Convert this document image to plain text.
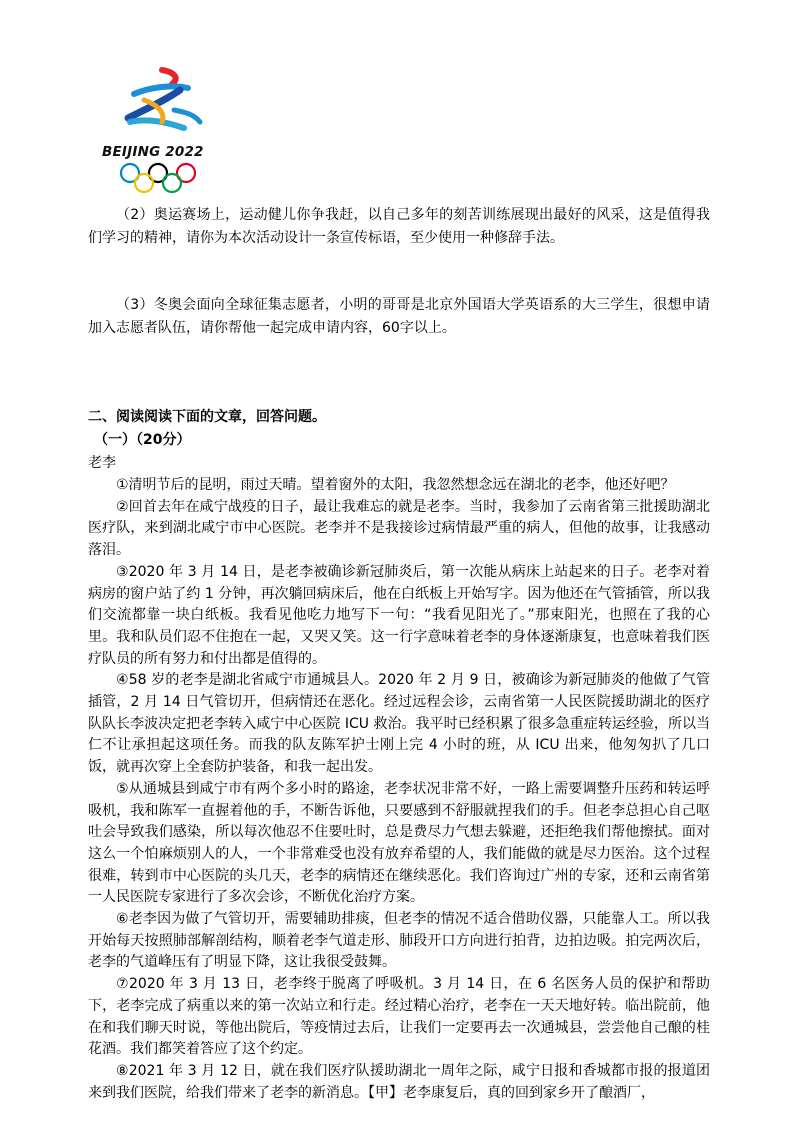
BEIJING 2022

（2）奥运赛场上，运动健儿你争我赶，以自己多年的刻苦训练展现出最好的风采，这是值得我们学习的精神，请你为本次活动设计一条宣传标语，至少使用一种修辞手法。

（3）冬奥会面向全球征集志愿者，小明的哥哥是北京外国语大学英语系的大三学生，很想申请加入志愿者队伍，请你帮他一起完成申请内容，60字以上。

二、阅读阅读下面的文章，回答问题。

（一）（20分）

老李

①清明节后的昆明，雨过天晴。望着窗外的太阳，我忽然想念远在湖北的老李，他还好吧？

②回首去年在咸宁战疫的日子，最让我难忘的就是老李。当时，我参加了云南省第三批援助湖北医疗队，来到湖北咸宁市中心医院。老李并不是我接诊过病情最严重的病人，但他的故事，让我感动落泪。

③2020 年 3 月 14 日，是老李被确诊新冠肺炎后，第一次能从病床上站起来的日子。老李对着病房的窗户站了约 1 分钟，再次躺回病床后，他在白纸板上开始写字。因为他还在气管插管，所以我们交流都靠一块白纸板。我看见他吃力地写下一句：“我看见阳光了。”那束阳光，也照在了我的心里。我和队员们忍不住抱在一起，又哭又笑。这一行字意味着老李的身体逐渐康复，也意味着我们医疗队员的所有努力和付出都是值得的。

④58 岁的老李是湖北省咸宁市通城县人。2020 年 2 月 9 日，被确诊为新冠肺炎的他做了气管插管，2 月 14 日气管切开，但病情还在恶化。经过远程会诊，云南省第一人民医院援助湖北的医疗队队长李波决定把老李转入咸宁中心医院 ICU 救治。我平时已经积累了很多急重症转运经验，所以当仁不让承担起这项任务。而我的队友陈军护士刚上完 4 小时的班，从 ICU 出来，他匆匆扒了几口饭，就再次穿上全套防护装备，和我一起出发。

⑤从通城县到咸宁市有两个多小时的路途，老李状况非常不好，一路上需要调整升压药和转运呼吸机，我和陈军一直握着他的手，不断告诉他，只要感到不舒服就捏我们的手。但老李总担心自己呕吐会导致我们感染，所以每次他忍不住要吐时，总是费尽力气想去躲避，还拒绝我们帮他擦拭。面对这么一个怕麻烦别人的人，一个非常难受也没有放弃希望的人，我们能做的就是尽力医治。这个过程很难，转到市中心医院的头几天，老李的病情还在继续恶化。我们咨询过广州的专家，还和云南省第一人民医院专家进行了多次会诊，不断优化治疗方案。

⑥老李因为做了气管切开，需要辅助排痰，但老李的情况不适合借助仪器，只能靠人工。所以我开始每天按照肺部解剖结构，顺着老李气道走形、肺段开口方向进行拍背，边拍边吸。拍完两次后，老李的气道峰压有了明显下降，这让我很受鼓舞。

⑦2020 年 3 月 13 日，老李终于脱离了呼吸机。3 月 14 日，在 6 名医务人员的保护和帮助下，老李完成了病重以来的第一次站立和行走。经过精心治疗，老李在一天天地好转。临出院前，他在和我们聊天时说，等他出院后，等疫情过去后，让我们一定要再去一次通城县，尝尝他自己酿的桂花酒。我们都笑着答应了这个约定。

⑧2021 年 3 月 12 日，就在我们医疗队援助湖北一周年之际，咸宁日报和香城都市报的报道团来到我们医院，给我们带来了老李的新消息。【甲】老李康复后，真的回到家乡开了酿酒厂，
